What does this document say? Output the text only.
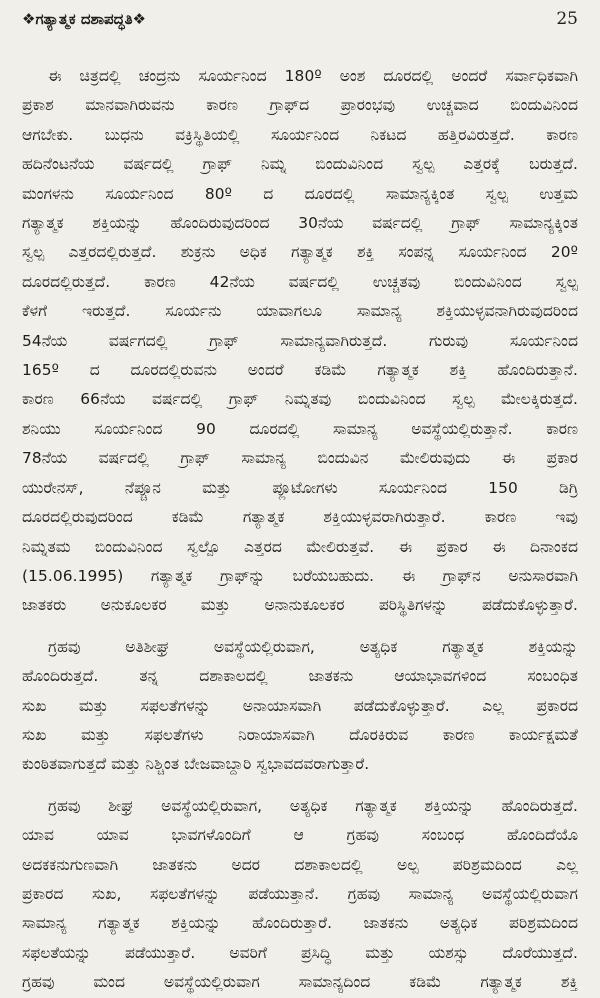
❖ಗತ್ಯಾತ್ಮಕ ದಶಾಪದ್ಧತಿ❖	25
ಈ ಚಿತ್ರದಲ್ಲಿ ಚಂದ್ರನು ಸೂರ್ಯನಿಂದ 180º ಅಂಶ ದೂರದಲ್ಲಿ ಅಂದರೆ ಸರ್ವಾಧಿಕವಾಗಿ
ಪ್ರಕಾಶ ಮಾನವಾಗಿರುವನು ಕಾರಣ ಗ್ರಾಫ್‌ದ ಪ್ರಾರಂಭವು ಉಚ್ಚವಾದ ಬಿಂದುವಿನಿಂದ
ಆಗಬೇಕು. ಬುಧನು ವಕ್ರಿಸ್ಥಿತಿಯಲ್ಲಿ ಸೂರ್ಯನಿಂದ ನಿಕಟದ ಹತ್ತಿರವಿರುತ್ತದೆ. ಕಾರಣ
ಹದಿನೆಂಟನೆಯ ವರ್ಷದಲ್ಲಿ ಗ್ರಾಫ್ ನಿಮ್ನ ಬಿಂದುವಿನಿಂದ ಸ್ವಲ್ಪ ಎತ್ತರಕ್ಕೆ ಬರುತ್ತದೆ.
ಮಂಗಳನು ಸೂರ್ಯನಿಂದ 80º ದ ದೂರದಲ್ಲಿ ಸಾಮಾನ್ಯಕ್ಕಿಂತ ಸ್ವಲ್ಪ ಉತ್ತಮ
ಗತ್ಯಾತ್ಮಕ ಶಕ್ತಿಯನ್ನು ಹೊಂದಿರುವುದರಿಂದ 30ನೆಯ ವರ್ಷದಲ್ಲಿ ಗ್ರಾಫ್ ಸಾಮಾನ್ಯಕ್ಕಿಂತ
ಸ್ವಲ್ಪ ಎತ್ತರದಲ್ಲಿರುತ್ತದೆ. ಶುಕ್ರನು ಅಧಿಕ ಗತ್ಯಾತ್ಮಕ ಶಕ್ತಿ ಸಂಪನ್ನ ಸೂರ್ಯನಿಂದ 20º
ದೂರದಲ್ಲಿರುತ್ತದೆ. ಕಾರಣ 42ನೆಯ ವರ್ಷದಲ್ಲಿ ಉಚ್ಚತವು ಬಿಂದುವಿನಿಂದ ಸ್ವಲ್ಪ
ಕೆಳಗೆ ಇರುತ್ತದೆ. ಸೂರ್ಯನು ಯಾವಾಗಲೂ ಸಾಮಾನ್ಯ ಶಕ್ತಿಯುಳ್ಳವನಾಗಿರುವುದರಿಂದ
54ನೆಯ ವರ್ಷಗದಲ್ಲಿ ಗ್ರಾಫ್ ಸಾಮಾನ್ಯವಾಗಿರುತ್ತದೆ. ಗುರುವು ಸೂರ್ಯನಿಂದ
165º ದ ದೂರದಲ್ಲಿರುವನು ಅಂದರೆ ಕಡಿಮೆ ಗತ್ಯಾತ್ಮಕ ಶಕ್ತಿ ಹೊಂದಿರುತ್ತಾನೆ.
ಕಾರಣ 66ನೆಯ ವರ್ಷದಲ್ಲಿ ಗ್ರಾಫ್ ನಿಮ್ನತವು ಬಿಂದುವಿನಿಂದ ಸ್ವಲ್ಪ ಮೇಲಕ್ಕಿರುತ್ತದೆ.
ಶನಿಯು ಸೂರ್ಯನಿಂದ 90 ದೂರದಲ್ಲಿ ಸಾಮಾನ್ಯ ಅವಸ್ಥೆಯಲ್ಲಿರುತ್ತಾನೆ. ಕಾರಣ
78ನೆಯ ವರ್ಷದಲ್ಲಿ ಗ್ರಾಫ್ ಸಾಮಾನ್ಯ ಬಿಂದುವಿನ ಮೇಲಿರುವುದು ಈ ಪ್ರಕಾರ
ಯುರೇನಸ್, ನೆಪ್ಚೂನ ಮತ್ತು ಪ್ಲೂಟೋಗಳು ಸೂರ್ಯನಿಂದ 150 ಡಿಗ್ರಿ
ದೂರದಲ್ಲಿರುವುದರಿಂದ ಕಡಿಮೆ ಗತ್ಯಾತ್ಮಕ ಶಕ್ತಿಯುಳ್ಳವರಾಗಿರುತ್ತಾರೆ. ಕಾರಣ ಇವು
ನಿಮ್ನತಮ ಬಿಂದುವಿನಿಂದ ಸ್ವಲ್ಪೊ ಎತ್ತರದ ಮೇಲಿರುತ್ತವೆ. ಈ ಪ್ರಕಾರ ಈ ದಿನಾಂಕದ
(15.06.1995) ಗತ್ಯಾತ್ಮಕ ಗ್ರಾಫ್‌ನ್ನು ಬರೆಯಬಹುದು. ಈ ಗ್ರಾಫ್‌ನ ಅನುಸಾರವಾಗಿ
ಜಾತಕರು ಅನುಕೂಲಕರ ಮತ್ತು ಅನಾನುಕೂಲಕರ ಪರಿಸ್ಥಿತಿಗಳನ್ನು ಪಡೆದುಕೊಳ್ಳುತ್ತಾರೆ.
ಗ್ರಹವು ಅತಿಶೀಘ್ರ ಅವಸ್ಥೆಯಲ್ಲಿರುವಾಗ, ಅತ್ಯಧಿಕ ಗತ್ಯಾತ್ಮಕ ಶಕ್ತಿಯನ್ನು
ಹೊಂದಿರುತ್ತದೆ. ತನ್ನ ದಶಾಕಾಲದಲ್ಲಿ ಜಾತಕನು ಆಯಾಭಾವಗಳಿಂದ ಸಂಬಂಧಿತ
ಸುಖ ಮತ್ತು ಸಫಲತೆಗಳನ್ನು ಅನಾಯಾಸವಾಗಿ ಪಡೆದುಕೊಳ್ಳುತ್ತಾರೆ. ಎಲ್ಲ ಪ್ರಕಾರದ
ಸುಖ ಮತ್ತು ಸಫಲತೆಗಳು ನಿರಾಯಾಸವಾಗಿ ದೊರಕಿರುವ ಕಾರಣ ಕಾರ್ಯಕ್ಷಮತೆ
ಕುಂಠಿತವಾಗುತ್ತದೆ ಮತ್ತು ನಿಶ್ಚಿಂತ ಬೇಜವಾಬ್ದಾರಿ ಸ್ವಭಾವದವರಾಗುತ್ತಾರೆ.
ಗ್ರಹವು ಶೀಘ್ರ ಅವಸ್ಥೆಯಲ್ಲಿರುವಾಗ, ಅತ್ಯಧಿಕ ಗತ್ಯಾತ್ಮಕ ಶಕ್ತಿಯನ್ನು ಹೊಂದಿರುತ್ತದೆ.
ಯಾವ ಯಾವ ಭಾವಗಳೊಂದಿಗೆ ಆ ಗ್ರಹವು ಸಂಬಂಧ ಹೊಂದಿದೆಯೊ
ಅದಕಕನುಗುಣವಾಗಿ ಜಾತಕನು ಅದರ ದಶಾಕಾಲದಲ್ಲಿ ಅಲ್ಪ ಪರಿಶ್ರಮದಿಂದ ಎಲ್ಲ
ಪ್ರಕಾರದ ಸುಖ, ಸಫಲತೆಗಳನ್ನು ಪಡೆಯುತ್ತಾನೆ. ಗ್ರಹವು ಸಾಮಾನ್ಯ ಅವಸ್ಥೆಯಲ್ಲಿರುವಾಗ
ಸಾಮಾನ್ಯ ಗತ್ಯಾತ್ಮಕ ಶಕ್ತಿಯನ್ನು ಹೊಂದಿರುತ್ತಾರೆ. ಜಾತಕನು ಅತ್ಯಧಿಕ ಪರಿಶ್ರಮದಿಂದ
ಸಫಲತೆಯನ್ನು ಪಡೆಯುತ್ತಾರೆ. ಅವರಿಗೆ ಪ್ರಸಿದ್ಧಿ ಮತ್ತು ಯಶಸ್ಸು ದೊರೆಯುತ್ತದೆ.
ಗ್ರಹವು ಮಂದ ಅವಸ್ಥೆಯಲ್ಲಿರುವಾಗ ಸಾಮಾನ್ಯದಿಂದ ಕಡಿಮೆ ಗತ್ಯಾತ್ಮಕ ಶಕ್ತಿ
